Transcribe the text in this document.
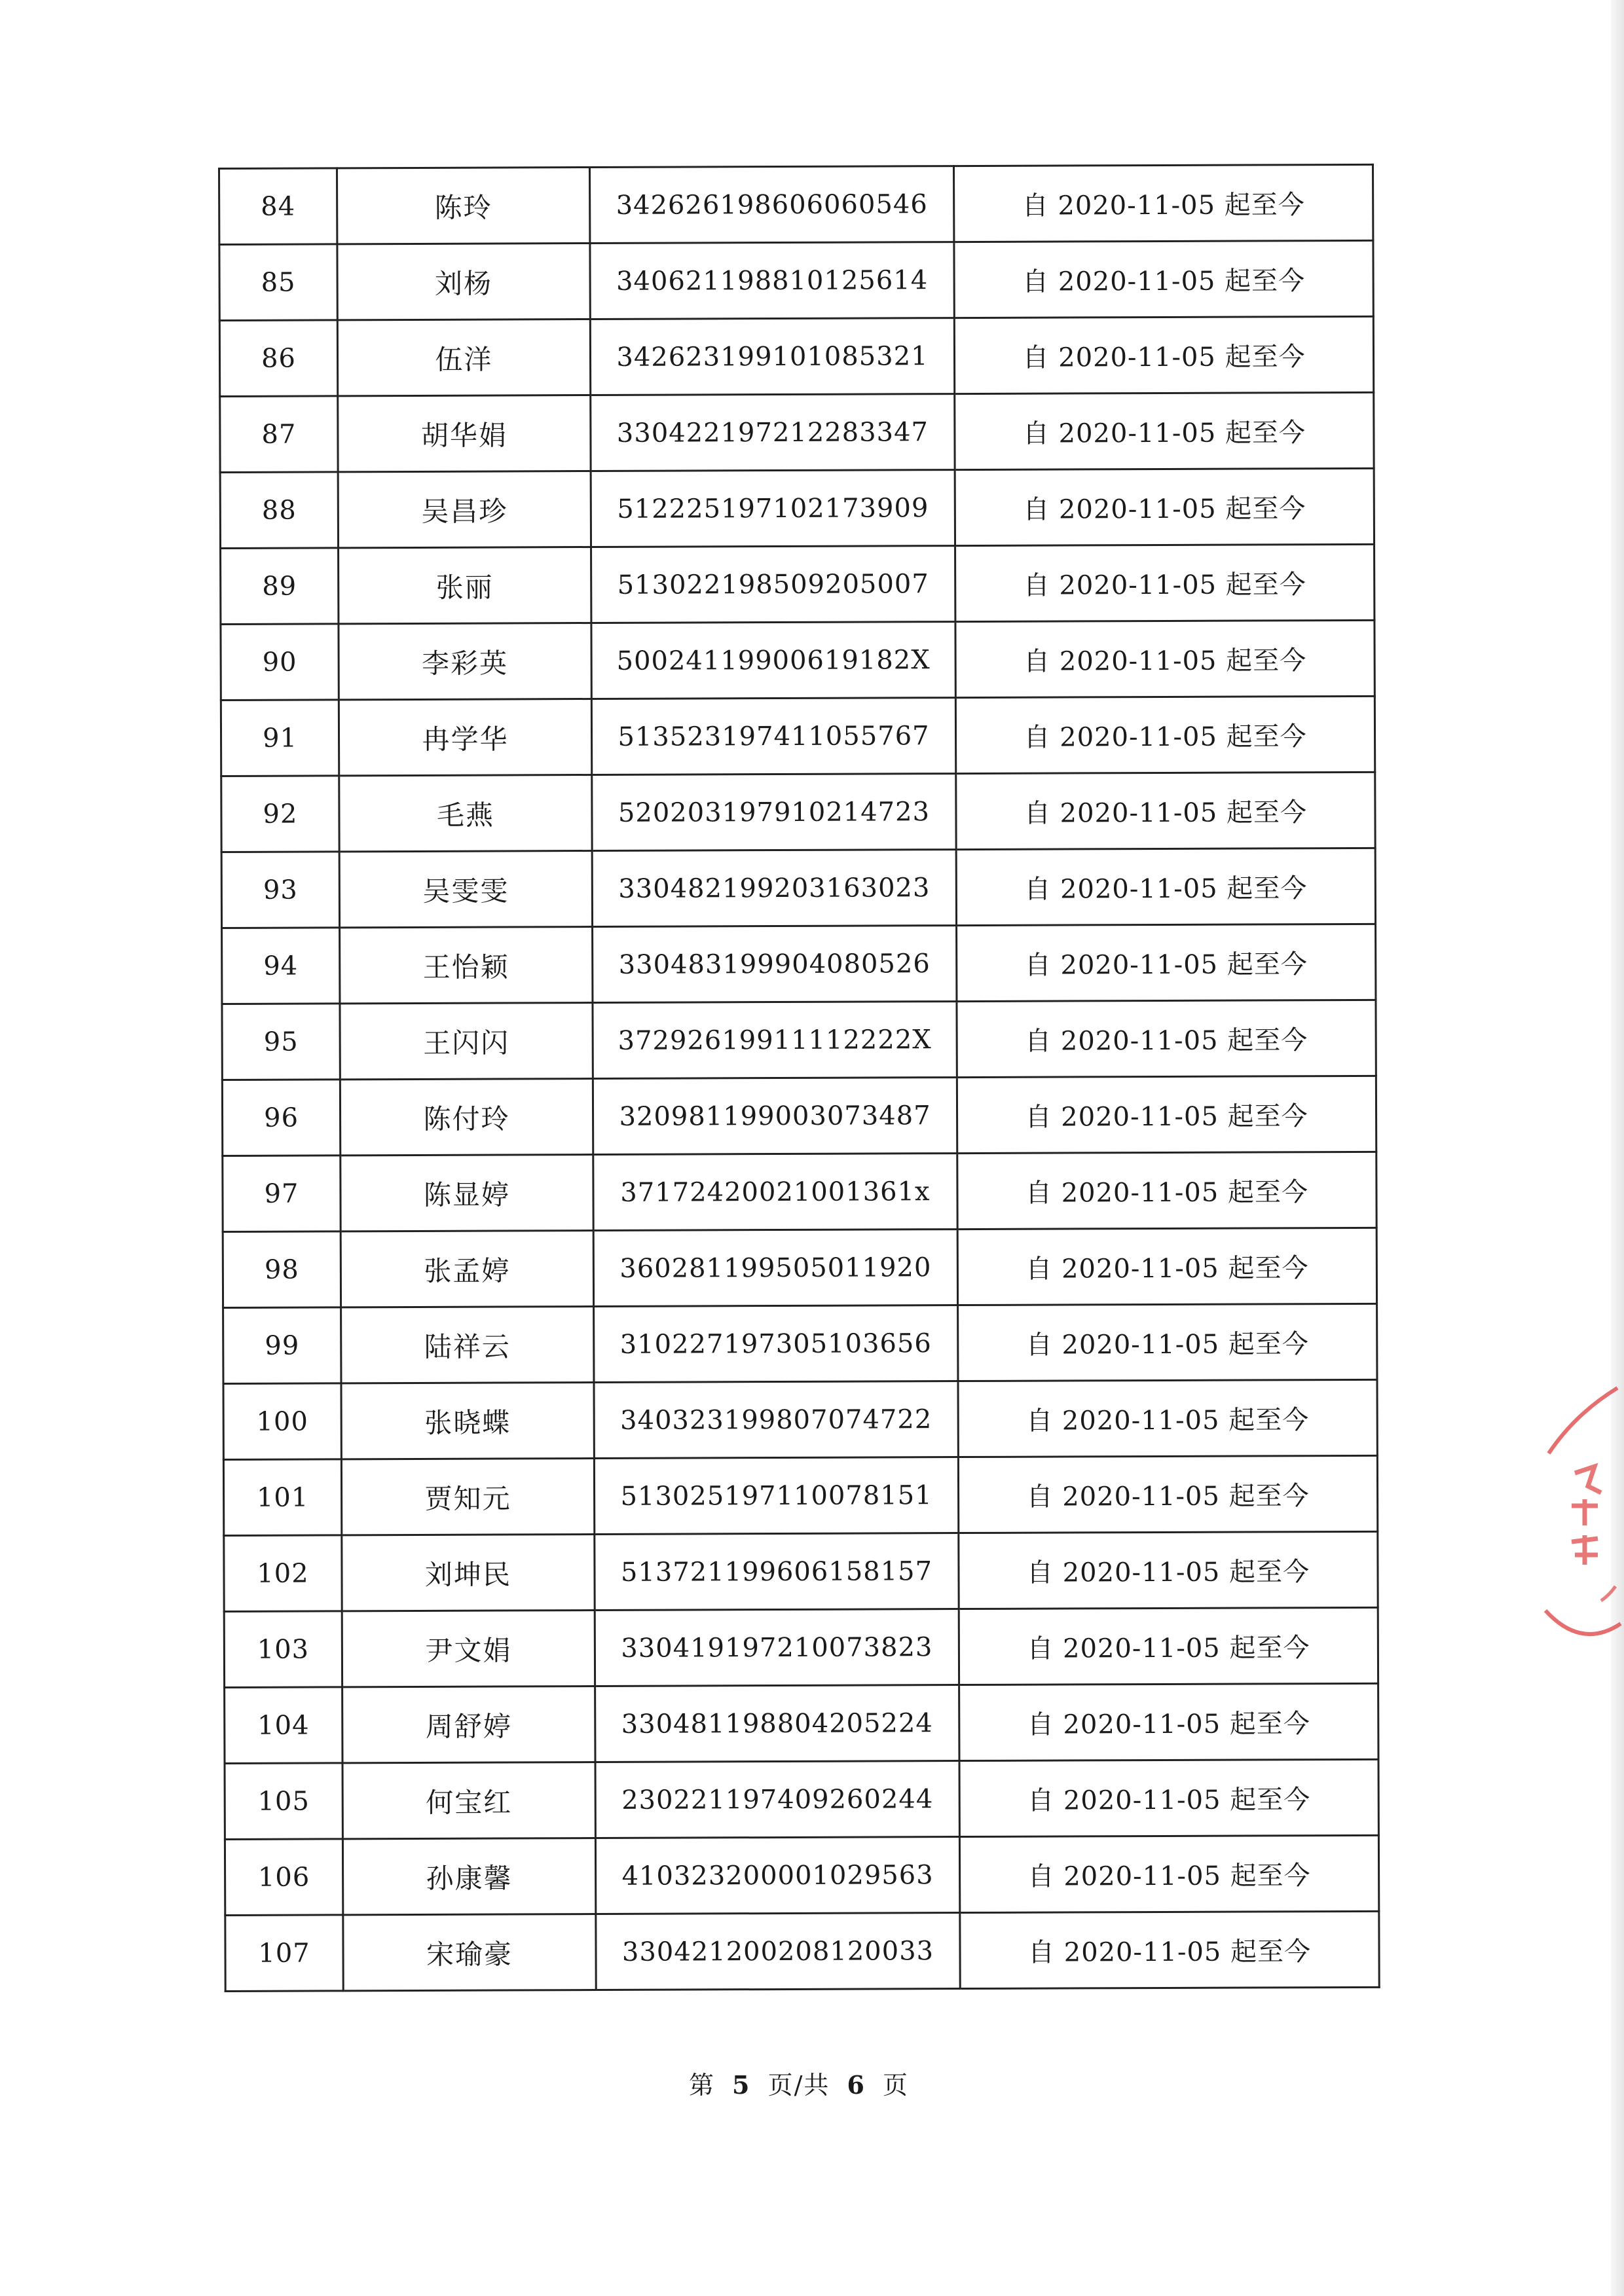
84	陈玲	342626198606060546	自 2020-11-05 起至今
85	刘杨	340621198810125614	自 2020-11-05 起至今
86	伍洋	342623199101085321	自 2020-11-05 起至今
87	胡华娟	330422197212283347	自 2020-11-05 起至今
88	吴昌珍	512225197102173909	自 2020-11-05 起至今
89	张丽	513022198509205007	自 2020-11-05 起至今
90	李彩英	50024119900619182X	自 2020-11-05 起至今
91	冉学华	513523197411055767	自 2020-11-05 起至今
92	毛燕	520203197910214723	自 2020-11-05 起至今
93	吴雯雯	330482199203163023	自 2020-11-05 起至今
94	王怡颖	330483199904080526	自 2020-11-05 起至今
95	王闪闪	37292619911112222X	自 2020-11-05 起至今
96	陈付玲	320981199003073487	自 2020-11-05 起至今
97	陈显婷	37172420021001361x	自 2020-11-05 起至今
98	张孟婷	360281199505011920	自 2020-11-05 起至今
99	陆祥云	310227197305103656	自 2020-11-05 起至今
100	张晓蝶	340323199807074722	自 2020-11-05 起至今
101	贾知元	513025197110078151	自 2020-11-05 起至今
102	刘坤民	513721199606158157	自 2020-11-05 起至今
103	尹文娟	330419197210073823	自 2020-11-05 起至今
104	周舒婷	330481198804205224	自 2020-11-05 起至今
105	何宝红	230221197409260244	自 2020-11-05 起至今
106	孙康馨	410323200001029563	自 2020-11-05 起至今
107	宋瑜豪	330421200208120033	自 2020-11-05 起至今
第 5 页/共 6 页
